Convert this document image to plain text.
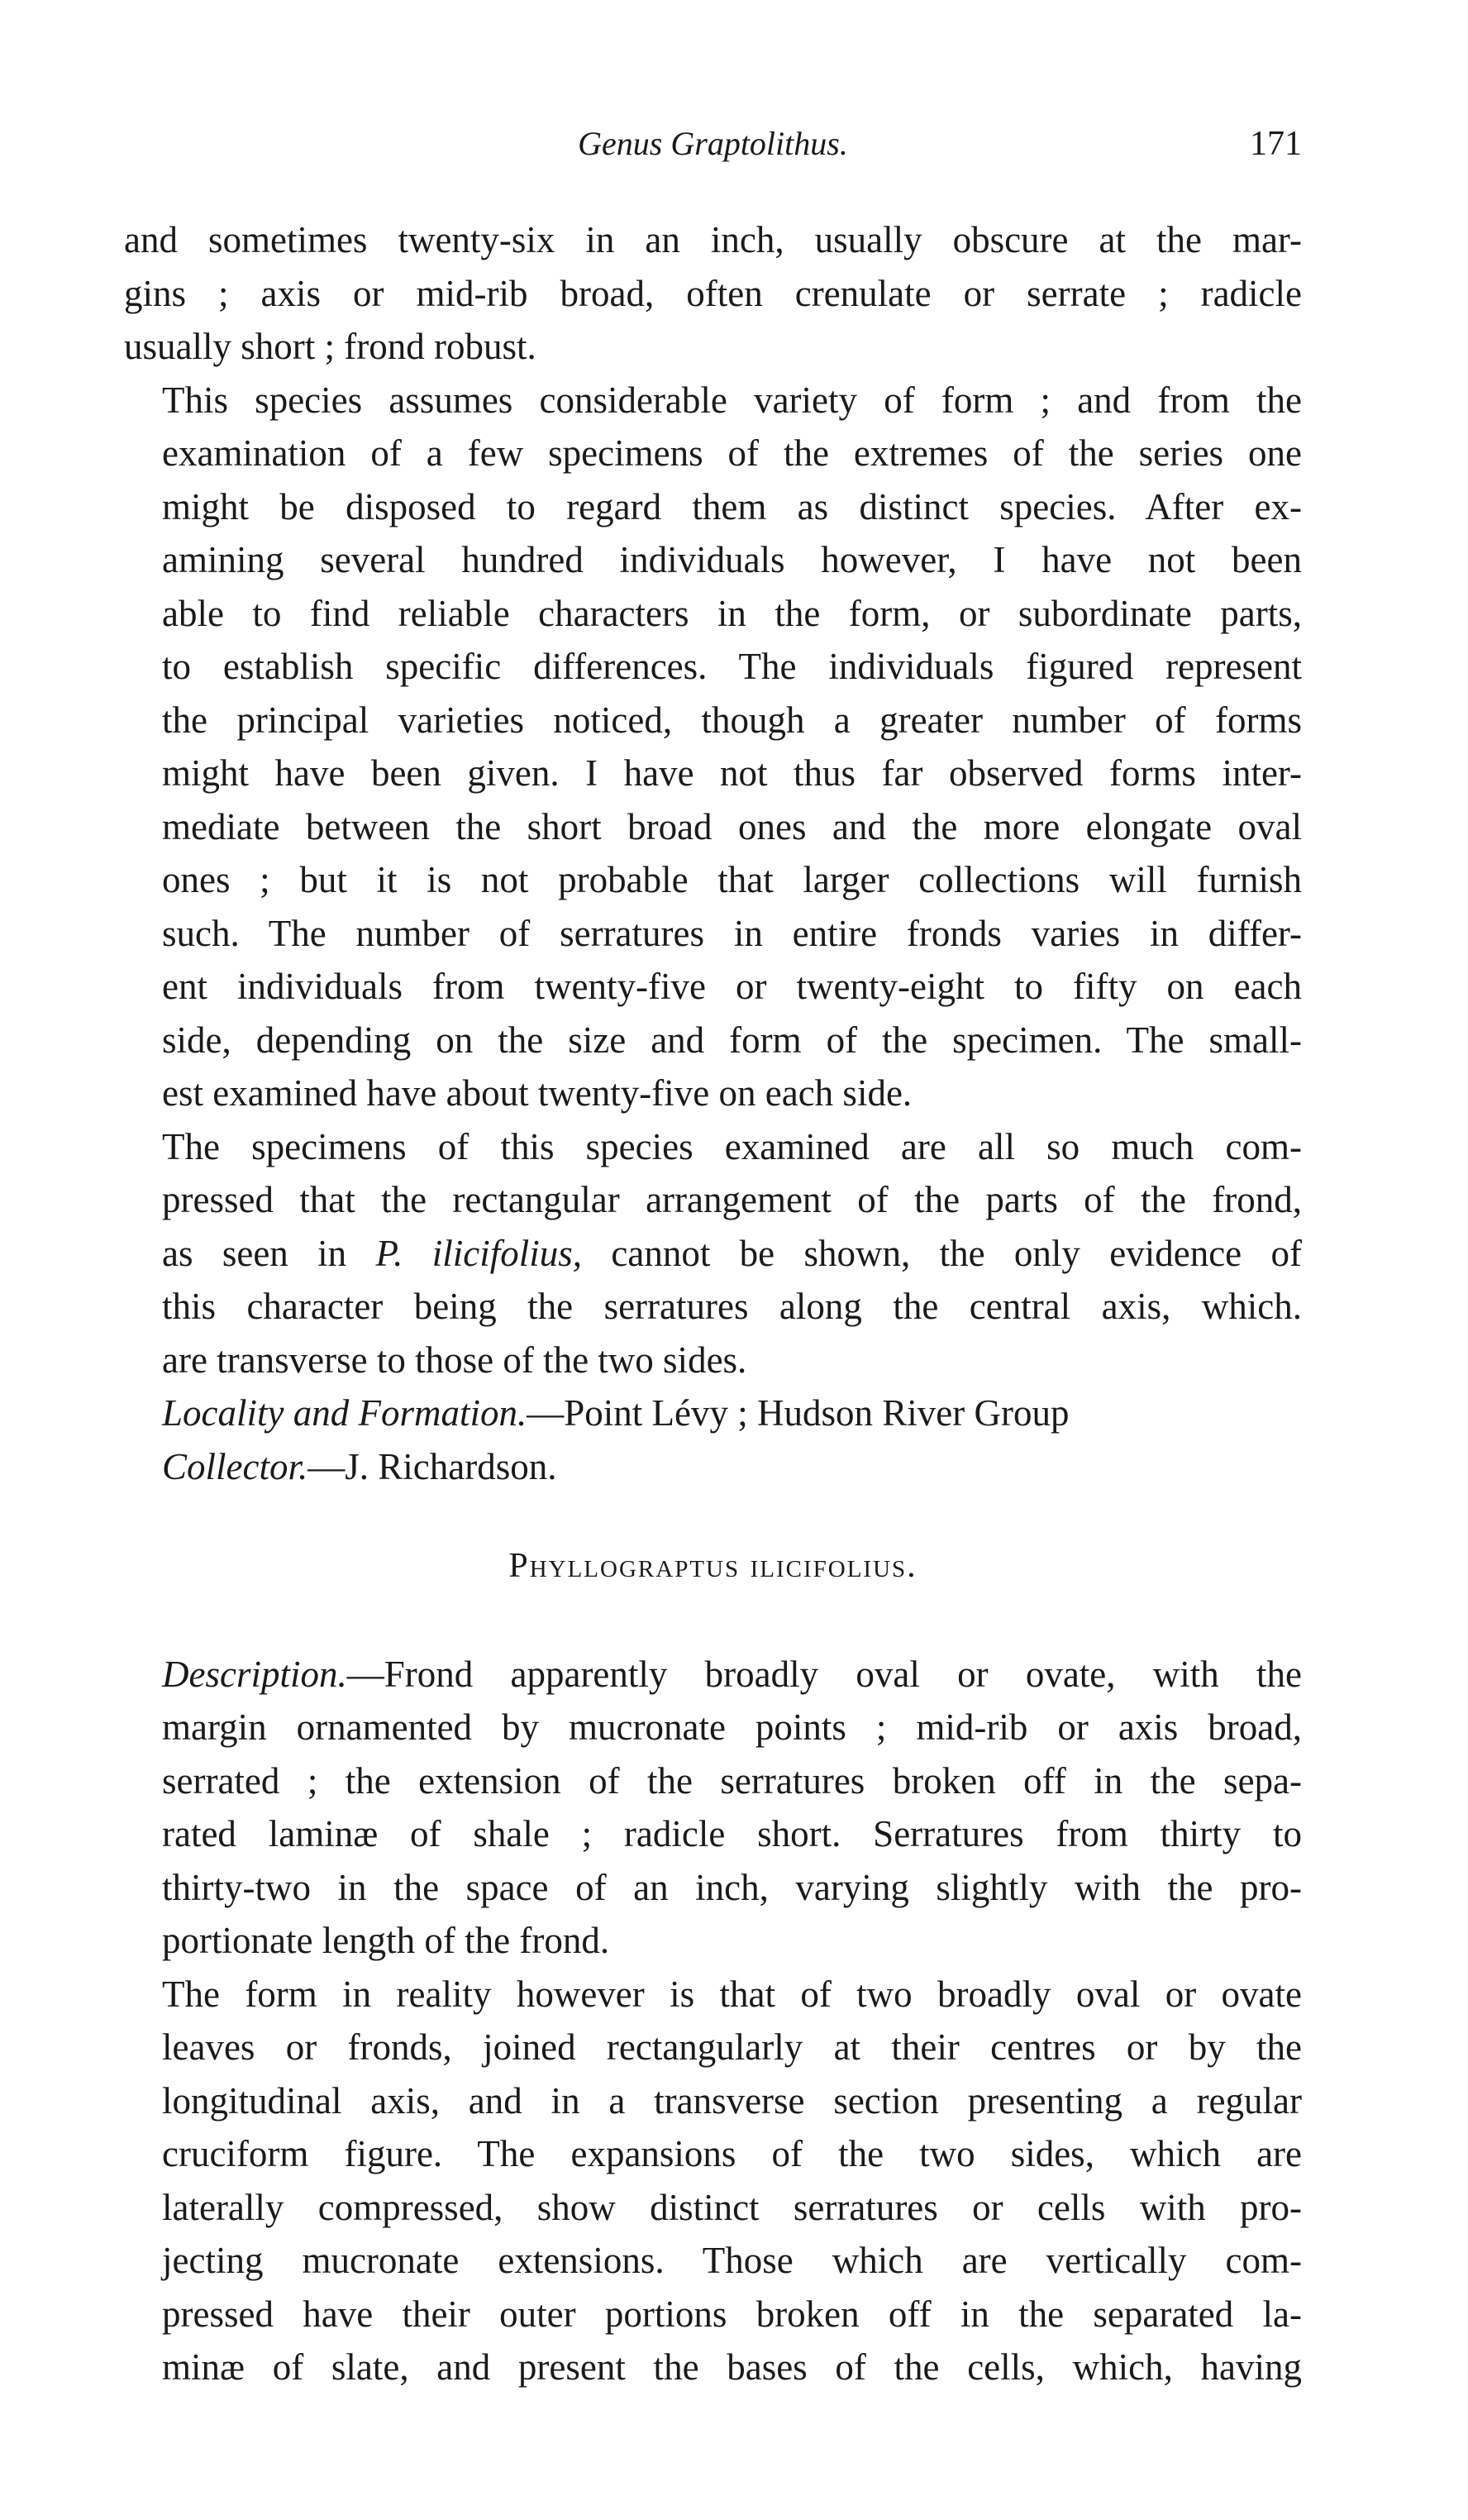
Genus Graptolithus.	171

and sometimes twenty-six in an inch, usually obscure at the mar-
gins ; axis or mid-rib broad, often crenulate or serrate ; radicle
usually short ; frond robust.

This species assumes considerable variety of form ; and from the
examination of a few specimens of the extremes of the series one
might be disposed to regard them as distinct species. After ex-
amining several hundred individuals however, I have not been
able to find reliable characters in the form, or subordinate parts,
to establish specific differences. The individuals figured represent
the principal varieties noticed, though a greater number of forms
might have been given. I have not thus far observed forms inter-
mediate between the short broad ones and the more elongate oval
ones ; but it is not probable that larger collections will furnish
such. The number of serratures in entire fronds varies in differ-
ent individuals from twenty-five or twenty-eight to fifty on each
side, depending on the size and form of the specimen. The small-
est examined have about twenty-five on each side.

The specimens of this species examined are all so much com-
pressed that the rectangular arrangement of the parts of the frond,
as seen in P. ilicifolius, cannot be shown, the only evidence of
this character being the serratures along the central axis, which.
are transverse to those of the two sides.

Locality and Formation.—Point Lévy ; Hudson River Group

Collector.—J. Richardson.

Phyllograptus ilicifolius.

Description.—Frond apparently broadly oval or ovate, with the
margin ornamented by mucronate points ; mid-rib or axis broad,
serrated ; the extension of the serratures broken off in the sepa-
rated laminæ of shale ; radicle short. Serratures from thirty to
thirty-two in the space of an inch, varying slightly with the pro-
portionate length of the frond.

The form in reality however is that of two broadly oval or ovate
leaves or fronds, joined rectangularly at their centres or by the
longitudinal axis, and in a transverse section presenting a regular
cruciform figure. The expansions of the two sides, which are
laterally compressed, show distinct serratures or cells with pro-
jecting mucronate extensions. Those which are vertically com-
pressed have their outer portions broken off in the separated la-
minæ of slate, and present the bases of the cells, which, having
